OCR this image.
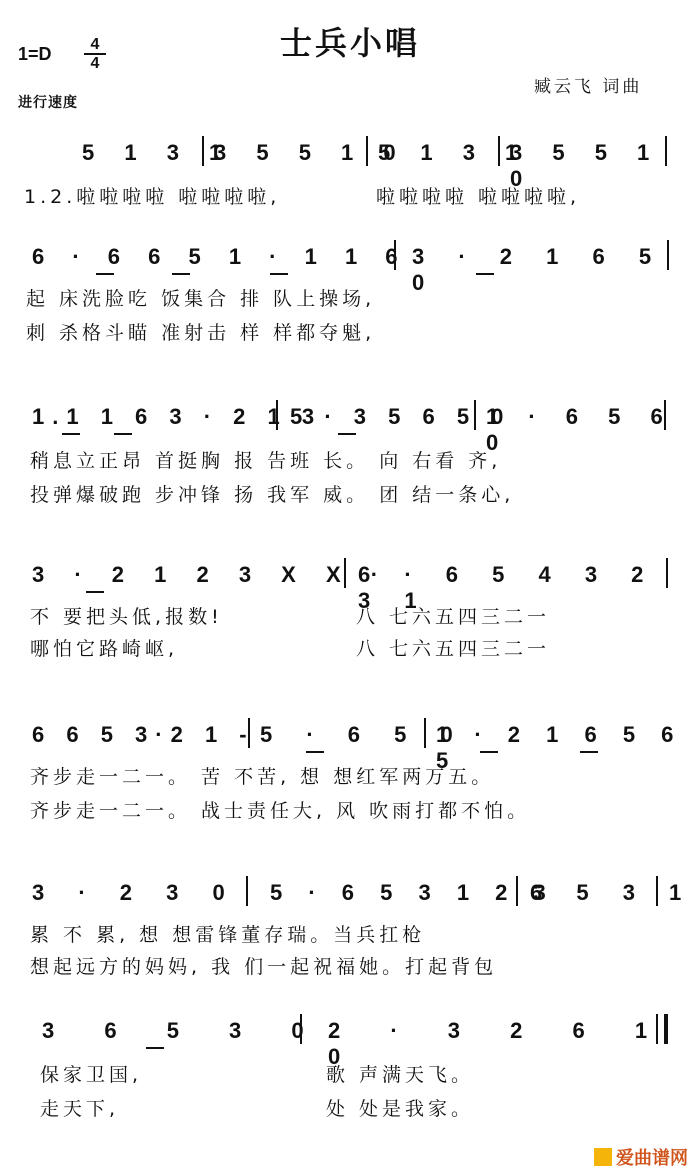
士兵小唱
$1=D \frac{4}{4}$
进行速度
臧云飞 词曲
5 1 3 1
3 5 5 1 0
5 1 3 1
3 5 5 1 0
1.2.啦啦啦啦 啦啦啦啦,	啦啦啦啦 啦啦啦啦,
6 · 6 6 5 1 · 1 1 6 3 · 2 1 6 5 0
起 床洗脸吃 饭集合 排 队上操场,
刺 杀格斗瞄 准射击 样 样都夺魁,
1.1 1 6 3 · 2 1 3
5 · 3 5 6 5 0
1 · 6 5 6 0
稍息立正昂 首挺胸 报 告班 长。 向 右看 齐,
投弹爆破跑 步冲锋 扬 我军 威。 团 结一条心,
3 · 2 1 2 3 X X ·
6 · 6 5 4 3 2 3 1
不 要把头低,报数!	八 七六五四三二一
哪怕它路崎岖,	八 七六五四三二一
6 6 5 3·2 1 - 5 · 6 5 0
1 · 2 1 6 5 6 5
齐步走一二一。 苦 不苦, 想 想红军两万五。
齐步走一二一。 战士责任大, 风 吹雨打都不怕。
3 · 2 3 0 5 · 6 5 3 1 2 3
6 5 3 1
累 不 累, 想 想雷锋董存瑞。当兵扛枪
想起远方的妈妈, 我 们一起祝福她。打起背包
3 6 5 3 0 2 · 3 2 6 1 0
保家卫国,	歌 声满天飞。
走天下,	处 处是我家。
爱曲谱网
